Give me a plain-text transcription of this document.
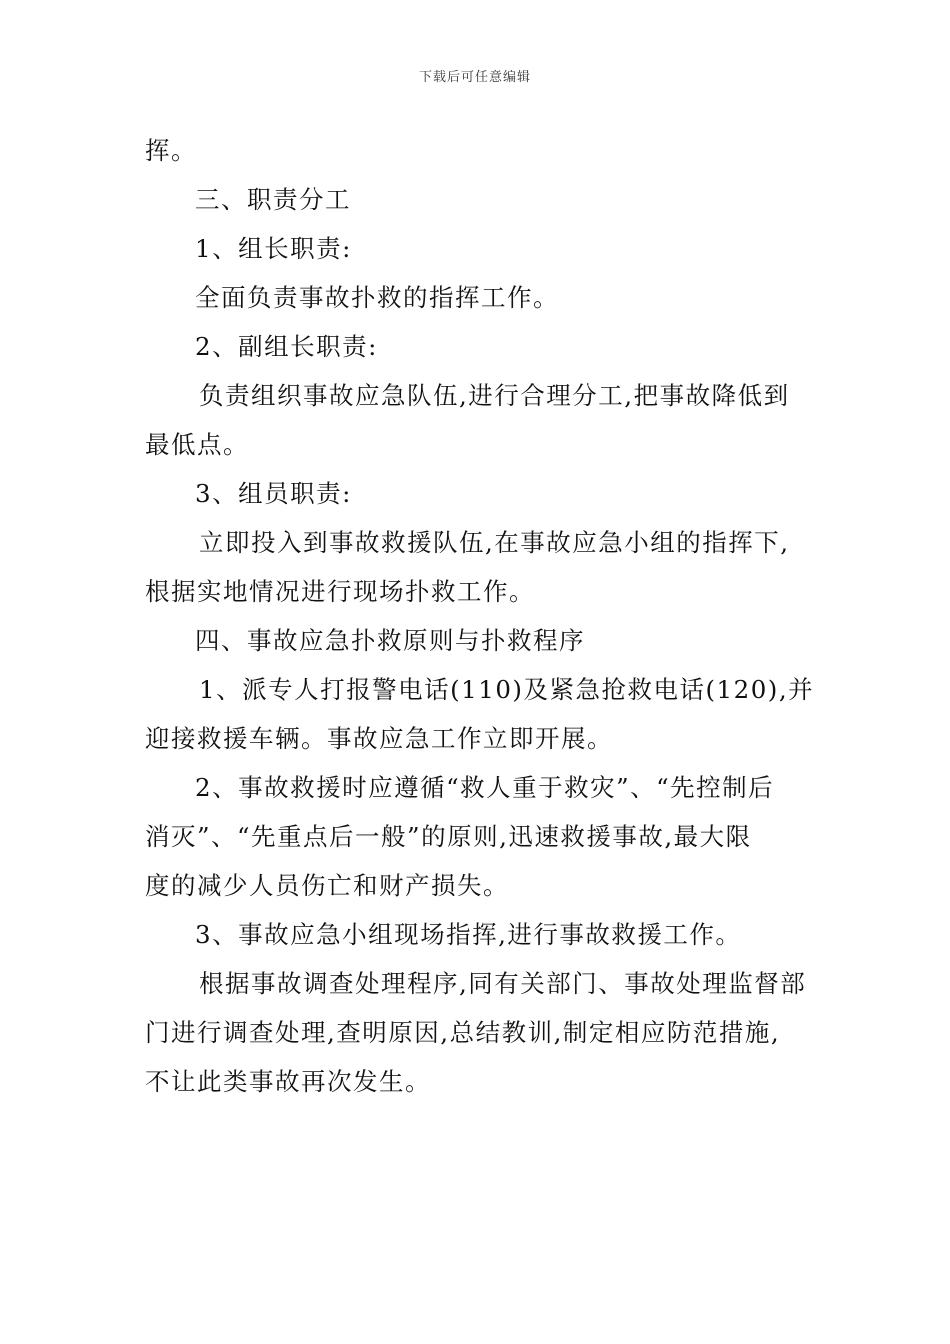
下载后可任意编辑
挥。
三、职责分工
1、组长职责:
全面负责事故扑救的指挥工作。
2、副组长职责:
负责组织事故应急队伍,进行合理分工,把事故降低到
最低点。
3、组员职责:
立即投入到事故救援队伍,在事故应急小组的指挥下,
根据实地情况进行现场扑救工作。
四、事故应急扑救原则与扑救程序
1、派专人打报警电话(110)及紧急抢救电话(120),并
迎接救援车辆。事故应急工作立即开展。
2、事故救援时应遵循“救人重于救灾”、“先控制后
消灭”、“先重点后一般”的原则,迅速救援事故,最大限
度的减少人员伤亡和财产损失。
3、事故应急小组现场指挥,进行事故救援工作。
根据事故调查处理程序,同有关部门、事故处理监督部
门进行调查处理,查明原因,总结教训,制定相应防范措施,
不让此类事故再次发生。
